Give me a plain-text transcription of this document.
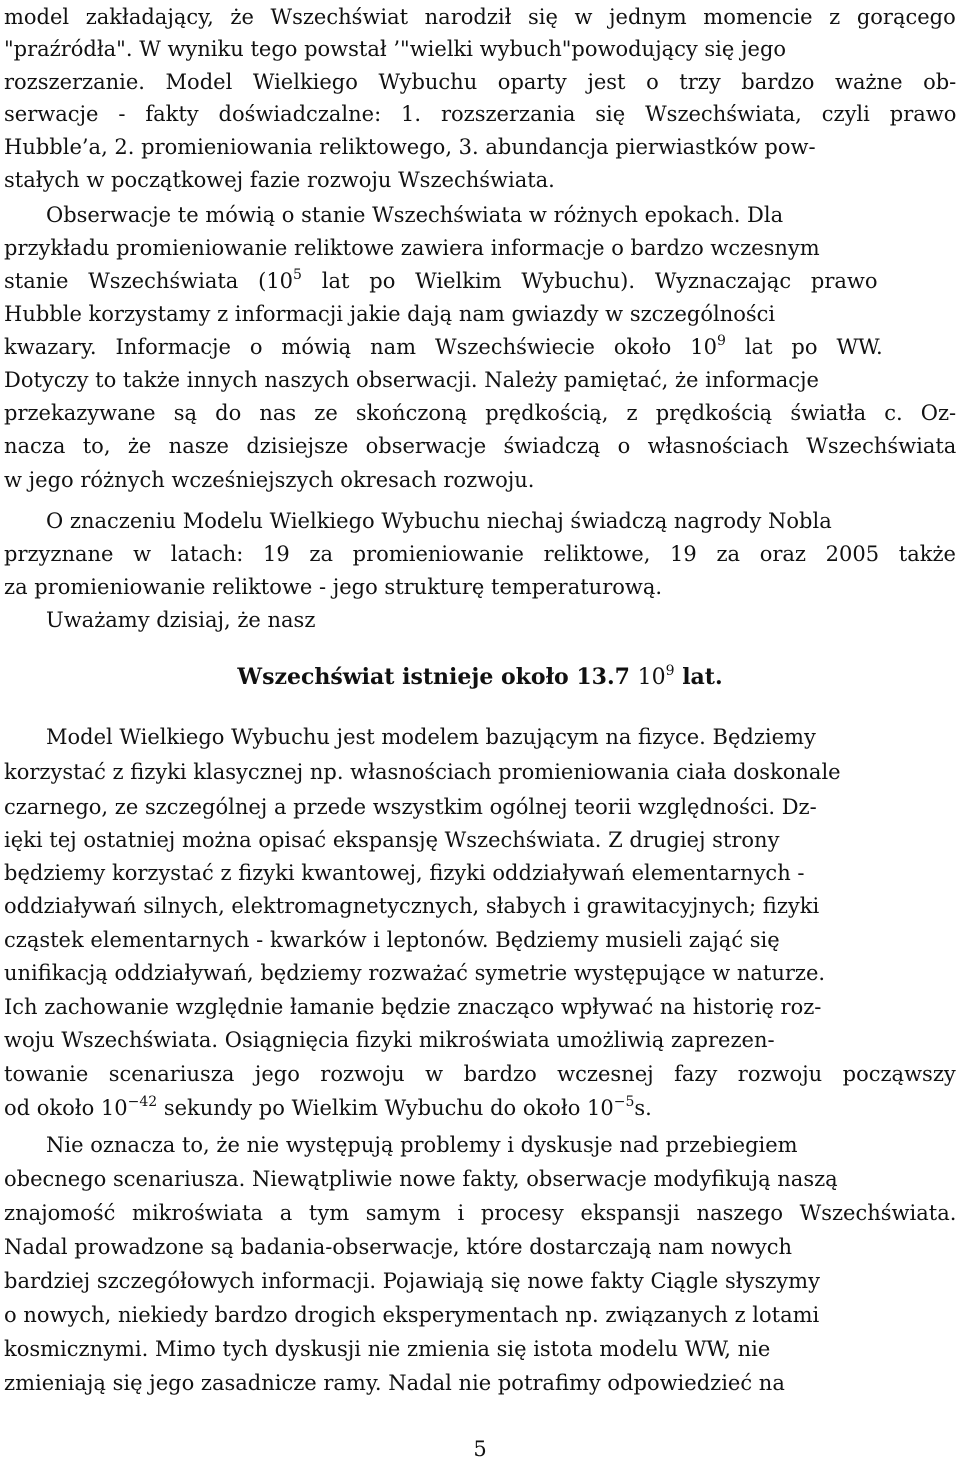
model zakładający, że Wszechświat narodził się w jednym momencie z gorącego
"praźródła". W wyniku tego powstał ’"wielki wybuch"powodujący się jego
rozszerzanie. Model Wielkiego Wybuchu oparty jest o trzy bardzo ważne ob-
serwacje - fakty doświadczalne: 1. rozszerzania się Wszechświata, czyli prawo
Hubble’a, 2. promieniowania reliktowego, 3. abundancja pierwiastków pow-
stałych w początkowej fazie rozwoju Wszechświata.
Obserwacje te mówią o stanie Wszechświata w różnych epokach. Dla
przykładu promieniowanie reliktowe zawiera informacje o bardzo wczesnym
stanie Wszechświata ($10^5$ lat po Wielkim Wybuchu). Wyznaczając prawo
Hubble korzystamy z informacji jakie dają nam gwiazdy w szczególności
kwazary. Informacje o mówią nam Wszechświecie około $10^9$ lat po WW.
Dotyczy to także innych naszych obserwacji. Należy pamiętać, że informacje
przekazywane są do nas ze skończoną prędkością, z prędkością światła c. Oz-
nacza to, że nasze dzisiejsze obserwacje świadczą o własnościach Wszechświata
w jego różnych wcześniejszych okresach rozwoju.
O znaczeniu Modelu Wielkiego Wybuchu niechaj świadczą nagrody Nobla
przyznane w latach: 19 za promieniowanie reliktowe, 19 za oraz 2005 także
za promieniowanie reliktowe - jego strukturę temperaturową.
Uważamy dzisiaj, że nasz
Wszechświat istnieje około 13.7 $10^9$ lat.
Model Wielkiego Wybuchu jest modelem bazującym na fizyce. Będziemy
korzystać z fizyki klasycznej np. własnościach promieniowania ciała doskonale
czarnego, ze szczególnej a przede wszystkim ogólnej teorii względności. Dz-
ięki tej ostatniej można opisać ekspansję Wszechświata. Z drugiej strony
będziemy korzystać z fizyki kwantowej, fizyki oddziaływań elementarnych -
oddziaływań silnych, elektromagnetycznych, słabych i grawitacyjnych; fizyki
cząstek elementarnych - kwarków i leptonów. Będziemy musieli zająć się
unifikacją oddziaływań, będziemy rozważać symetrie występujące w naturze.
Ich zachowanie względnie łamanie będzie znacząco wpływać na historię roz-
woju Wszechświata. Osiągnięcia fizyki mikroświata umożliwią zaprezen-
towanie scenariusza jego rozwoju w bardzo wczesnej fazy rozwoju począwszy
od około $10^{-42}$ sekundy po Wielkim Wybuchu do około $10^{-5}s$.
Nie oznacza to, że nie występują problemy i dyskusje nad przebiegiem
obecnego scenariusza. Niewątpliwie nowe fakty, obserwacje modyfikują naszą
znajomość mikroświata a tym samym i procesy ekspansji naszego Wszechświata.
Nadal prowadzone są badania-obserwacje, które dostarczają nam nowych
bardziej szczegółowych informacji. Pojawiają się nowe fakty Ciągle słyszymy
o nowych, niekiedy bardzo drogich eksperymentach np. związanych z lotami
kosmicznymi. Mimo tych dyskusji nie zmienia się istota modelu WW, nie
zmieniają się jego zasadnicze ramy. Nadal nie potrafimy odpowiedzieć na
5
